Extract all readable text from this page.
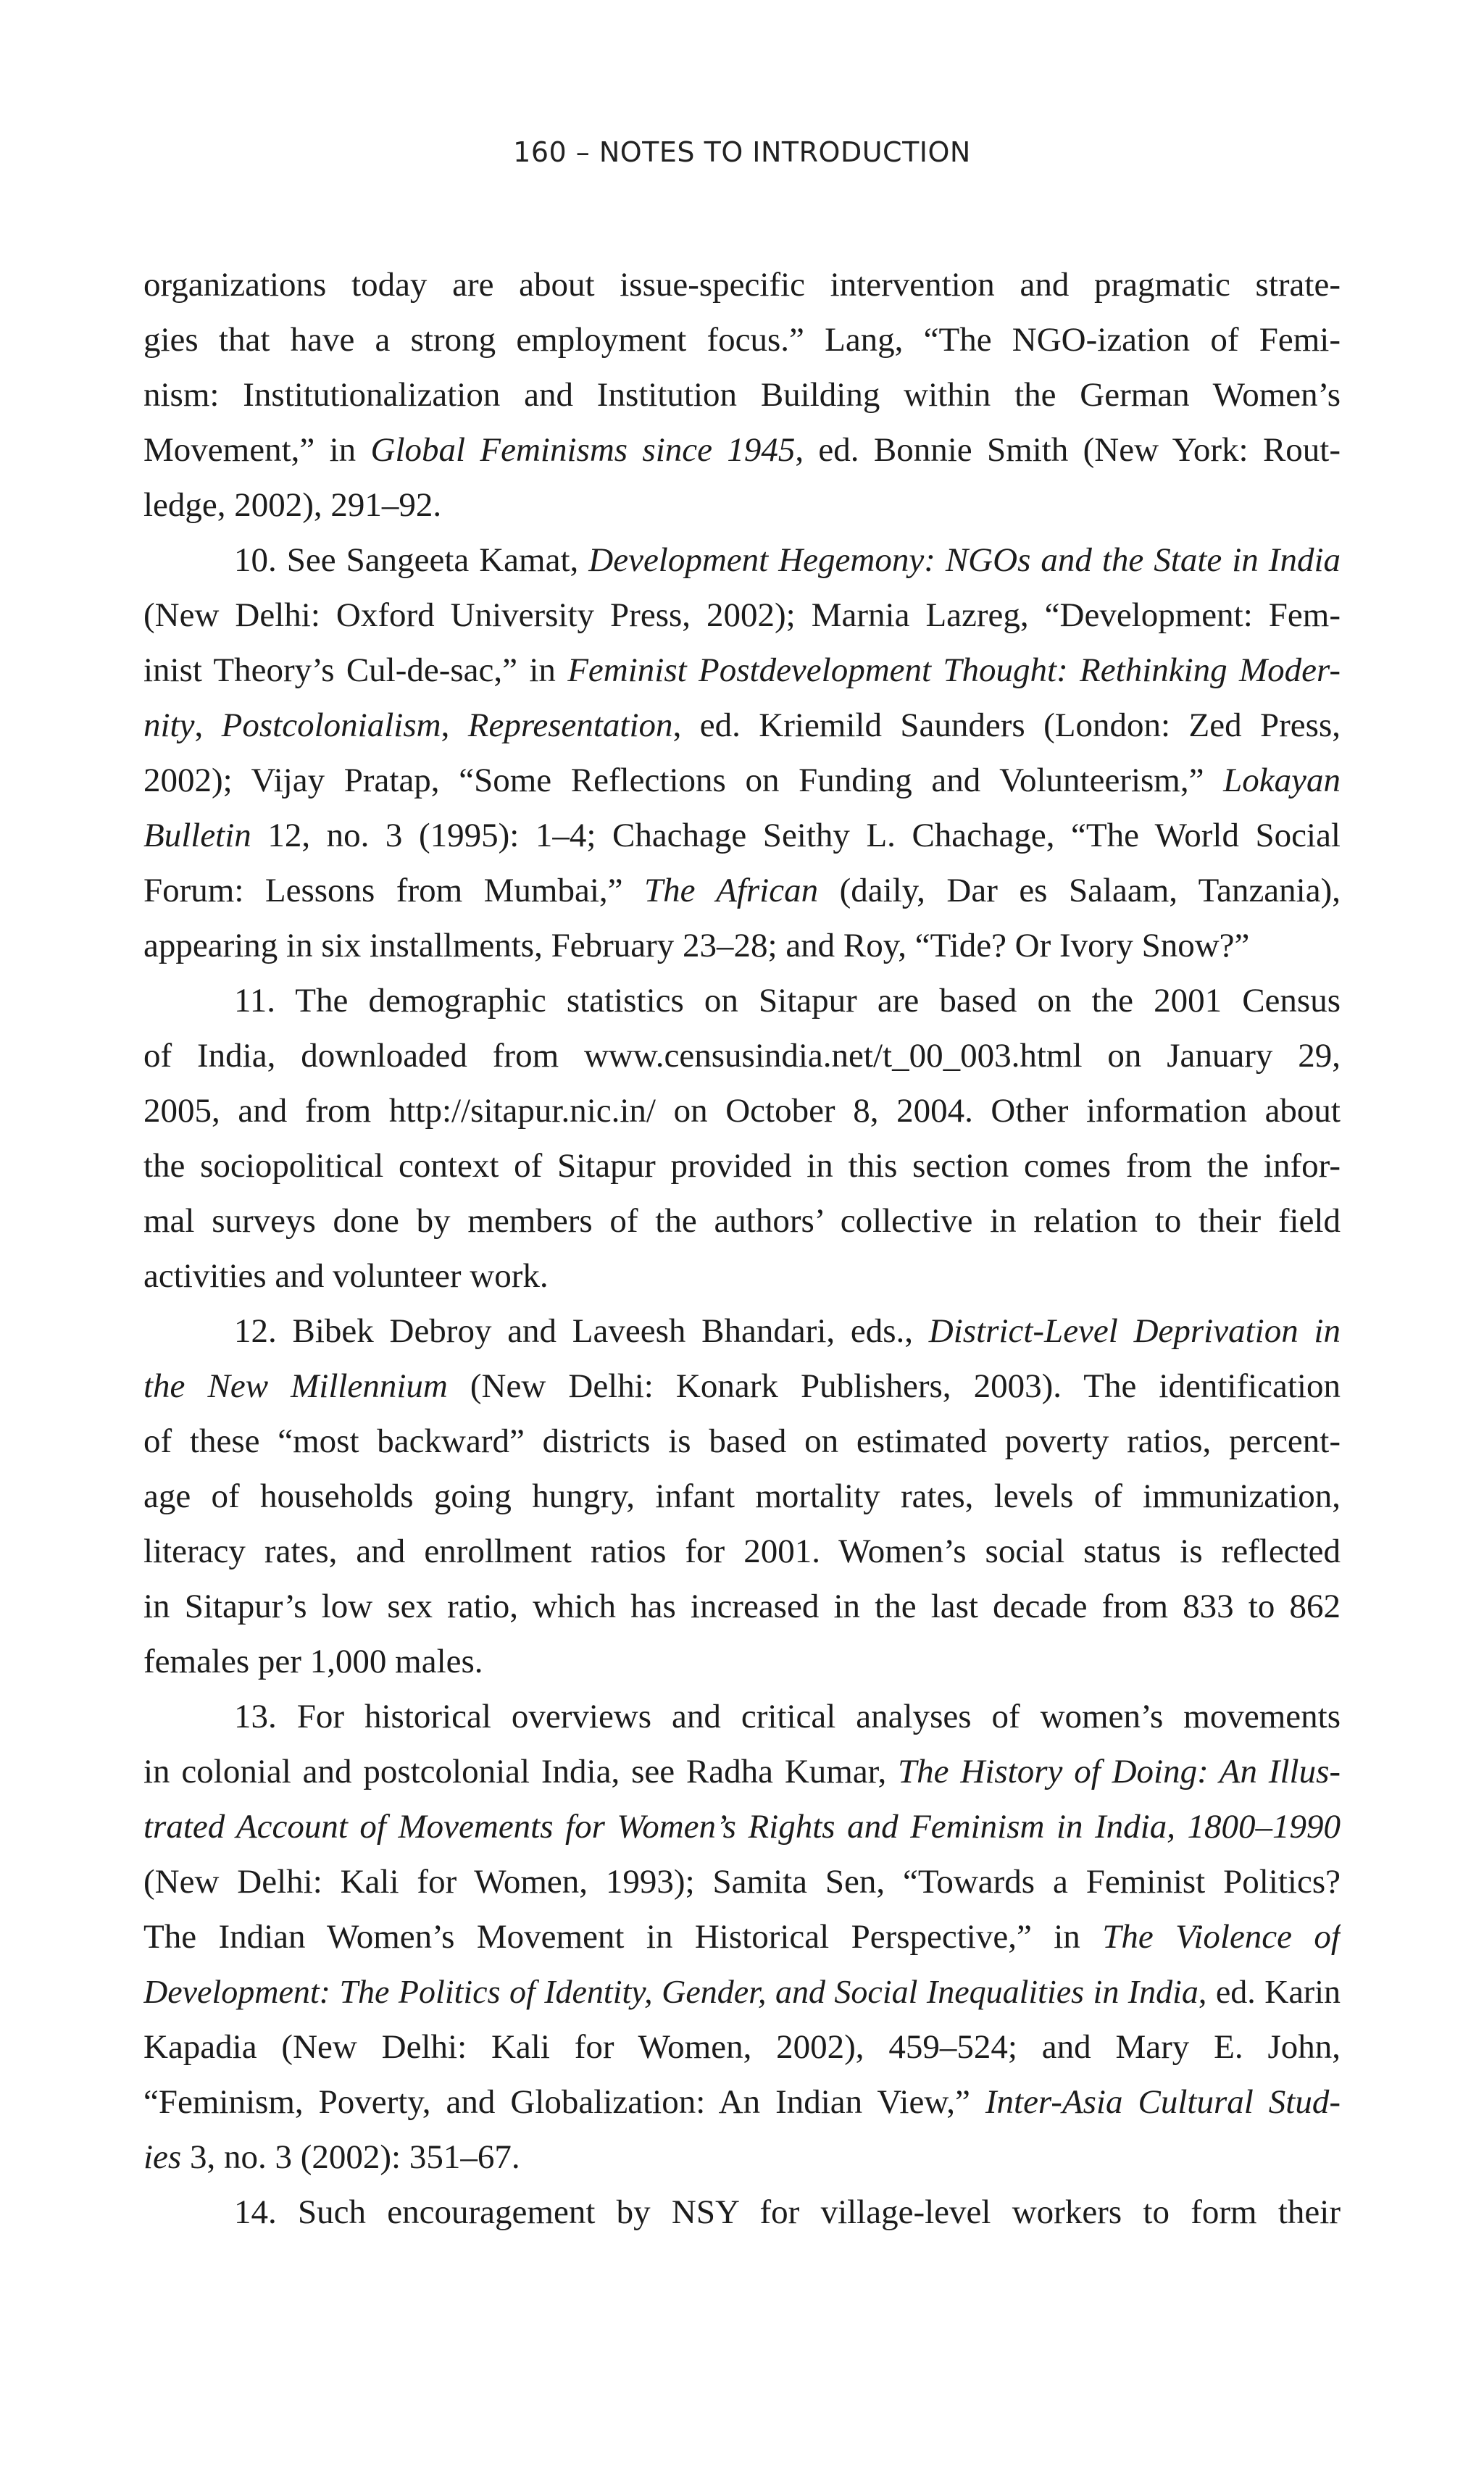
160 – NOTES TO INTRODUCTION
organizations today are about issue-specific intervention and pragmatic strate-
gies that have a strong employment focus.” Lang, “The NGO-ization of Femi-
nism: Institutionalization and Institution Building within the German Women’s
Movement,” in Global Feminisms since 1945, ed. Bonnie Smith (New York: Rout-
ledge, 2002), 291–92.
10. See Sangeeta Kamat, Development Hegemony: NGOs and the State in India
(New Delhi: Oxford University Press, 2002); Marnia Lazreg, “Development: Fem-
inist Theory’s Cul-de-sac,” in Feminist Postdevelopment Thought: Rethinking Moder-
nity, Postcolonialism, Representation, ed. Kriemild Saunders (London: Zed Press,
2002); Vijay Pratap, “Some Reflections on Funding and Volunteerism,” Lokayan
Bulletin 12, no. 3 (1995): 1–4; Chachage Seithy L. Chachage, “The World Social
Forum: Lessons from Mumbai,” The African (daily, Dar es Salaam, Tanzania),
appearing in six installments, February 23–28; and Roy, “Tide? Or Ivory Snow?”
11. The demographic statistics on Sitapur are based on the 2001 Census
of India, downloaded from www.censusindia.net/t_00_003.html on January 29,
2005, and from http://sitapur.nic.in/ on October 8, 2004. Other information about
the sociopolitical context of Sitapur provided in this section comes from the infor-
mal surveys done by members of the authors’ collective in relation to their field
activities and volunteer work.
12. Bibek Debroy and Laveesh Bhandari, eds., District-Level Deprivation in
the New Millennium (New Delhi: Konark Publishers, 2003). The identification
of these “most backward” districts is based on estimated poverty ratios, percent-
age of households going hungry, infant mortality rates, levels of immunization,
literacy rates, and enrollment ratios for 2001. Women’s social status is reflected
in Sitapur’s low sex ratio, which has increased in the last decade from 833 to 862
females per 1,000 males.
13. For historical overviews and critical analyses of women’s movements
in colonial and postcolonial India, see Radha Kumar, The History of Doing: An Illus-
trated Account of Movements for Women’s Rights and Feminism in India, 1800–1990
(New Delhi: Kali for Women, 1993); Samita Sen, “Towards a Feminist Politics?
The Indian Women’s Movement in Historical Perspective,” in The Violence of
Development: The Politics of Identity, Gender, and Social Inequalities in India, ed. Karin
Kapadia (New Delhi: Kali for Women, 2002), 459–524; and Mary E. John,
“Feminism, Poverty, and Globalization: An Indian View,” Inter-Asia Cultural Stud-
ies 3, no. 3 (2002): 351–67.
14. Such encouragement by NSY for village-level workers to form their
